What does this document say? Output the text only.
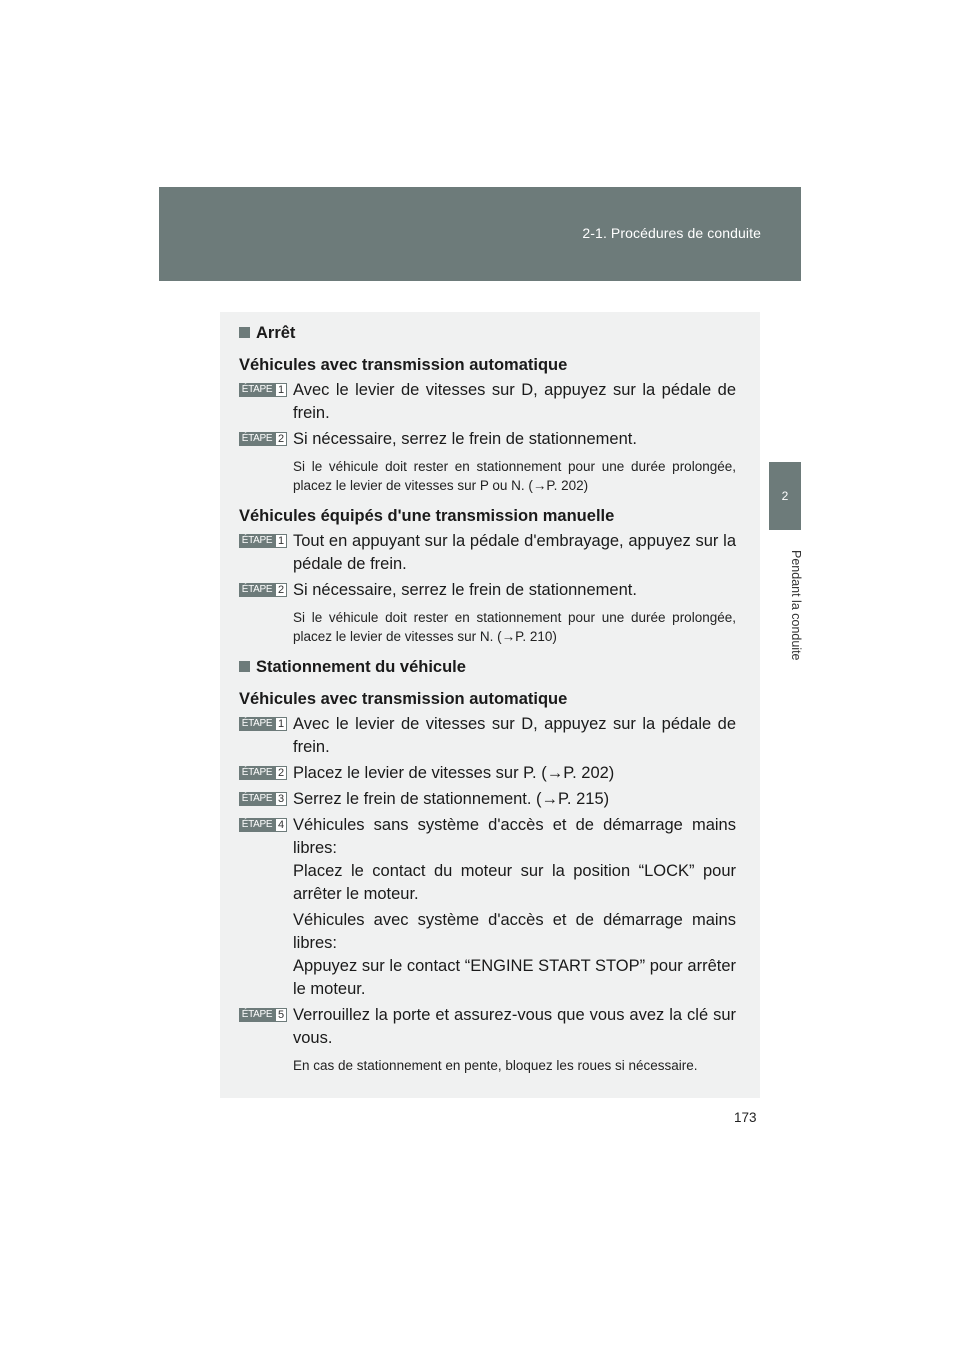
2-1. Procédures de conduite
2
Pendant la conduite
Arrêt
Véhicules avec transmission automatique
ÉTAPE 1 Avec le levier de vitesses sur D, appuyez sur la pédale de frein.
ÉTAPE 2 Si nécessaire, serrez le frein de stationnement.
Si le véhicule doit rester en stationnement pour une durée prolongée, placez le levier de vitesses sur P ou N. (→P. 202)
Véhicules équipés d'une transmission manuelle
ÉTAPE 1 Tout en appuyant sur la pédale d'embrayage, appuyez sur la pédale de frein.
ÉTAPE 2 Si nécessaire, serrez le frein de stationnement.
Si le véhicule doit rester en stationnement pour une durée prolongée, placez le levier de vitesses sur N. (→P. 210)
Stationnement du véhicule
Véhicules avec transmission automatique
ÉTAPE 1 Avec le levier de vitesses sur D, appuyez sur la pédale de frein.
ÉTAPE 2 Placez le levier de vitesses sur P. (→P. 202)
ÉTAPE 3 Serrez le frein de stationnement. (→P. 215)
ÉTAPE 4 Véhicules sans système d'accès et de démarrage mains libres:
Placez le contact du moteur sur la position “LOCK” pour arrêter le moteur.
Véhicules avec système d'accès et de démarrage mains libres:
Appuyez sur le contact “ENGINE START STOP” pour arrêter le moteur.
ÉTAPE 5 Verrouillez la porte et assurez-vous que vous avez la clé sur vous.
En cas de stationnement en pente, bloquez les roues si nécessaire.
173
